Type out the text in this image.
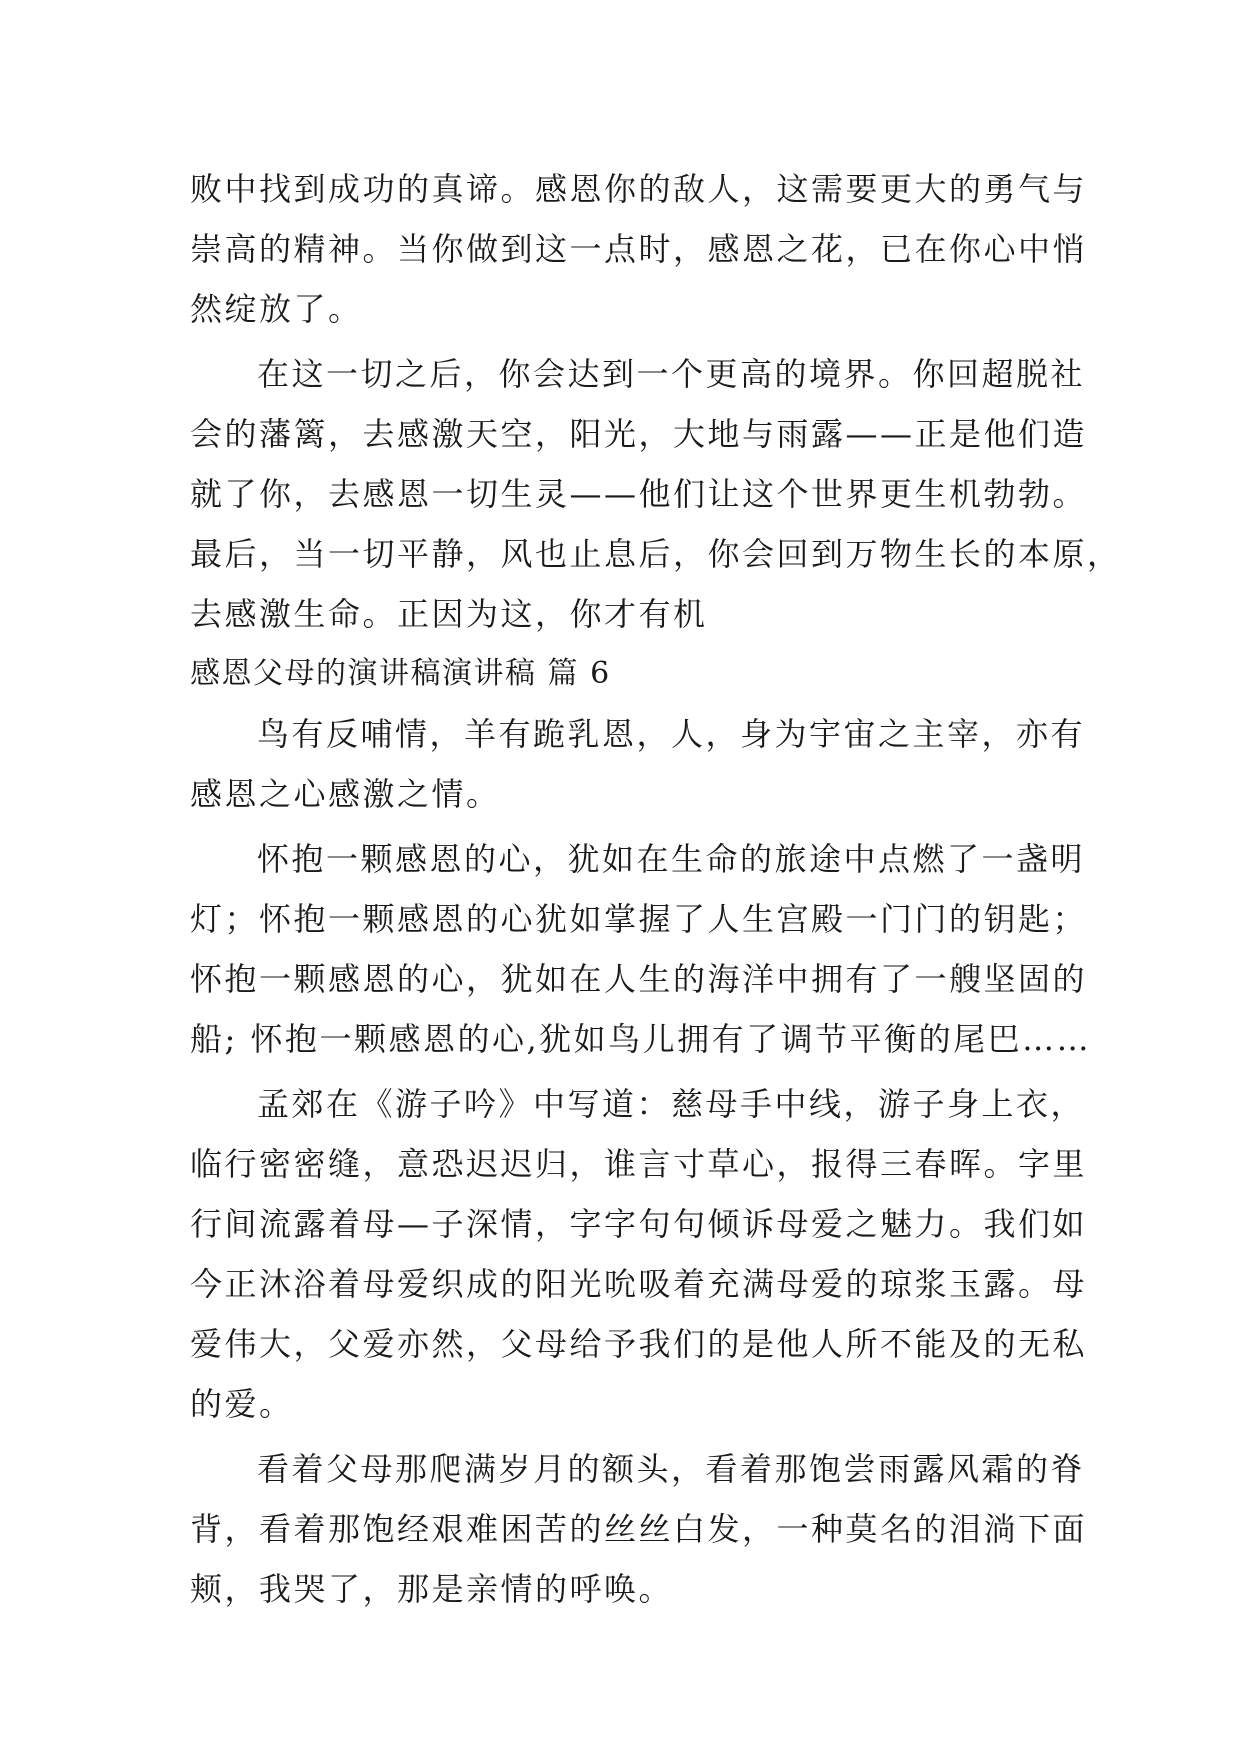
败中找到成功的真谛。感恩你的敌人，这需要更大的勇气与
崇高的精神。当你做到这一点时，感恩之花，已在你心中悄
然绽放了。
在这一切之后，你会达到一个更高的境界。你回超脱社
会的藩篱，去感激天空，阳光，大地与雨露——正是他们造
就了你，去感恩一切生灵——他们让这个世界更生机勃勃。
最后，当一切平静，风也止息后，你会回到万物生长的本原，
去感激生命。正因为这，你才有机
感恩父母的演讲稿演讲稿 篇 6
鸟有反哺情，羊有跪乳恩，人，身为宇宙之主宰，亦有
感恩之心感激之情。
怀抱一颗感恩的心，犹如在生命的旅途中点燃了一盏明
灯；怀抱一颗感恩的心犹如掌握了人生宫殿一门门的钥匙；
怀抱一颗感恩的心，犹如在人生的海洋中拥有了一艘坚固的
船; 怀抱一颗感恩的心,犹如鸟儿拥有了调节平衡的尾巴……
孟郊在《游子吟》中写道：慈母手中线，游子身上衣，
临行密密缝，意恐迟迟归，谁言寸草心，报得三春晖。字里
行间流露着母—子深情，字字句句倾诉母爱之魅力。我们如
今正沐浴着母爱织成的阳光吮吸着充满母爱的琼浆玉露。母
爱伟大，父爱亦然，父母给予我们的是他人所不能及的无私
的爱。
看着父母那爬满岁月的额头，看着那饱尝雨露风霜的脊
背，看着那饱经艰难困苦的丝丝白发，一种莫名的泪淌下面
颊，我哭了，那是亲情的呼唤。
